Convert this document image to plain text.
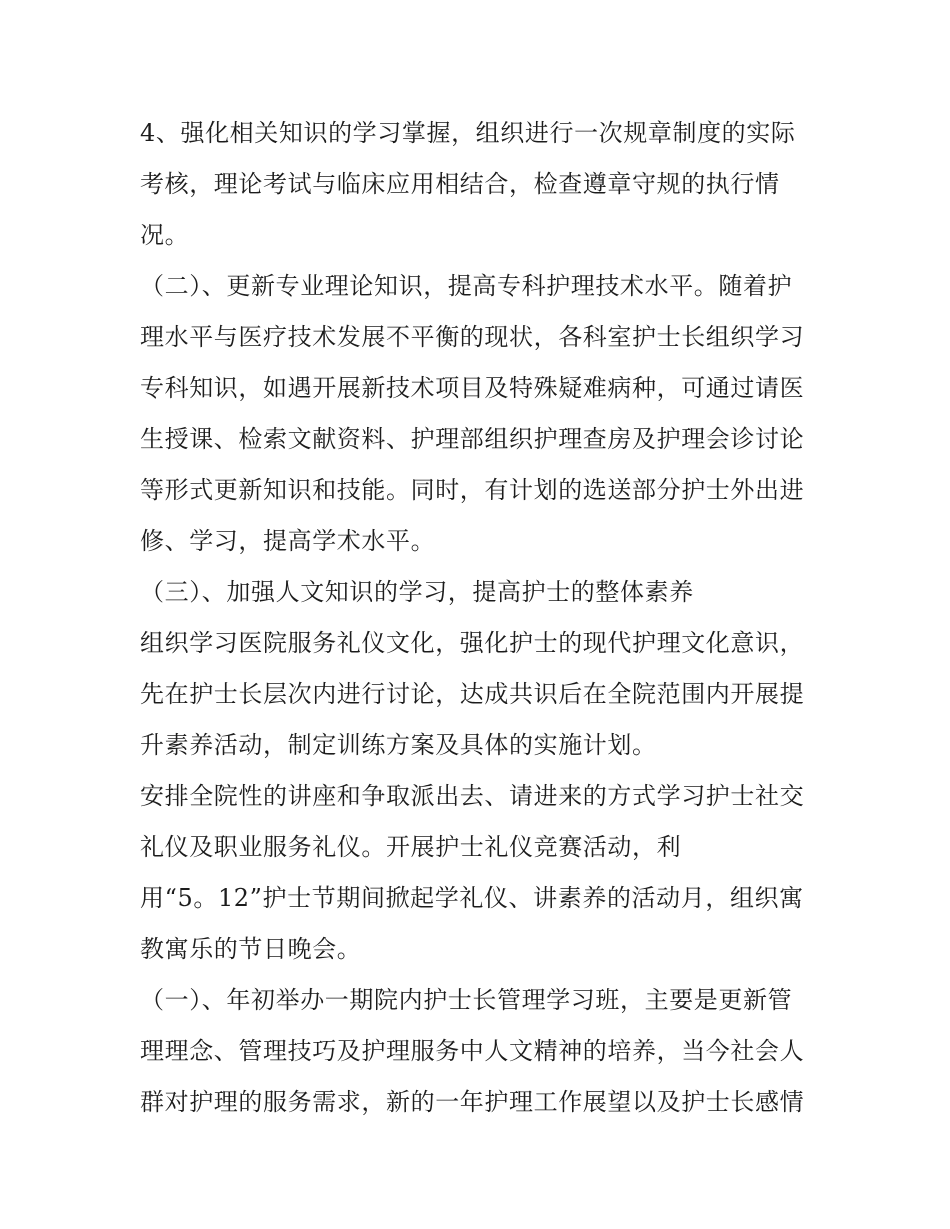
4、强化相关知识的学习掌握，组织进行一次规章制度的实际
考核，理论考试与临床应用相结合，检查遵章守规的执行情
况。
（二）、更新专业理论知识，提高专科护理技术水平。随着护
理水平与医疗技术发展不平衡的现状，各科室护士长组织学习
专科知识，如遇开展新技术项目及特殊疑难病种，可通过请医
生授课、检索文献资料、护理部组织护理查房及护理会诊讨论
等形式更新知识和技能。同时，有计划的选送部分护士外出进
修、学习，提高学术水平。
（三）、加强人文知识的学习，提高护士的整体素养
组织学习医院服务礼仪文化，强化护士的现代护理文化意识，
先在护士长层次内进行讨论，达成共识后在全院范围内开展提
升素养活动，制定训练方案及具体的实施计划。
安排全院性的讲座和争取派出去、请进来的方式学习护士社交
礼仪及职业服务礼仪。开展护士礼仪竞赛活动，利
用“5。12”护士节期间掀起学礼仪、讲素养的活动月，组织寓
教寓乐的节日晚会。
（一）、年初举办一期院内护士长管理学习班，主要是更新管
理理念、管理技巧及护理服务中人文精神的培养，当今社会人
群对护理的服务需求，新的一年护理工作展望以及护士长感情
